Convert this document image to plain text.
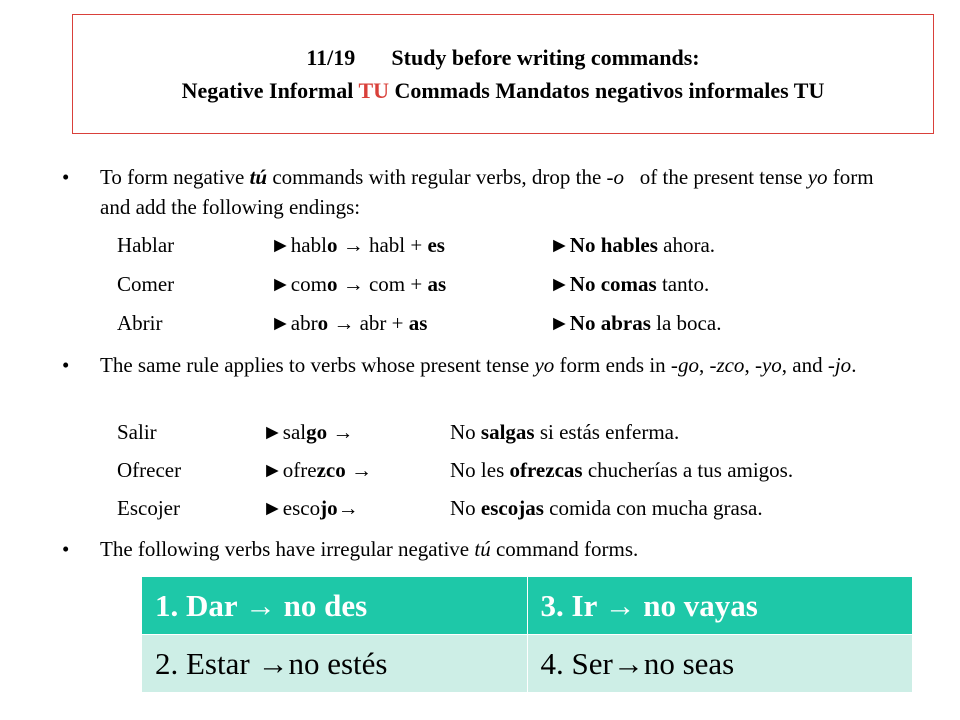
11/19 Study before writing commands:
Negative Informal TU Commads Mandatos negativos informales TU
• To form negative tú commands with regular verbs, drop the -o   of the present tense yo form and add the following endings:
Hablar	►hablo → habl + es	►No hables ahora.
Comer	►como → com + as	►No comas tanto.
Abrir	►abro → abr + as	►No abras la boca.
• The same rule applies to verbs whose present tense yo form ends in -go, -zco, -yo, and -jo.
Salir	►salgo →	No salgas si estás enferma.
Ofrecer	►ofrezco →	No les ofrezcas chucherías a tus amigos.
Escojer	►escojo→	No escojas comida con mucha grasa.
• The following verbs have irregular negative tú command forms.
1. Dar → no des	3. Ir → no vayas
2. Estar →no estés	4. Ser→no seas
